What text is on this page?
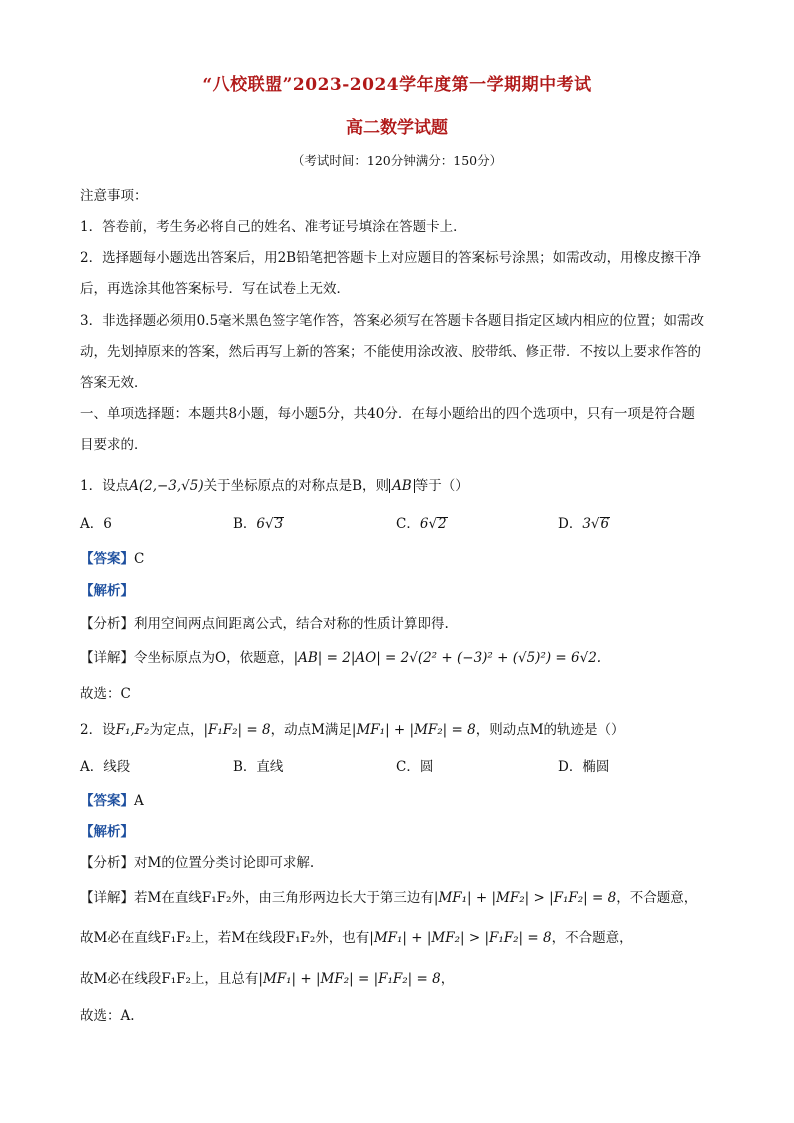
“八校联盟”2023-2024学年度第一学期期中考试
高二数学试题
（考试时间：120分钟满分：150分）
注意事项：
1．答卷前，考生务必将自己的姓名、准考证号填涂在答题卡上．
2．选择题每小题选出答案后，用2B铅笔把答题卡上对应题目的答案标号涂黑；如需改动，用橡皮擦干净
后，再选涂其他答案标号．写在试卷上无效．
3．非选择题必须用0.5毫米黑色签字笔作答，答案必须写在答题卡各题目指定区域内相应的位置；如需改
动，先划掉原来的答案，然后再写上新的答案；不能使用涂改液、胶带纸、修正带．不按以上要求作答的
答案无效．
一、单项选择题：本题共8小题，每小题5分，共40分．在每小题给出的四个选项中，只有一项是符合题
目要求的．
1．设点A(2,−3,√5)关于坐标原点的对称点是B，则 AB 等于（）
A．6	B．6√3	C．6√2	D．3√6
【答案】C
【解析】
【分析】利用空间两点间距离公式，结合对称的性质计算即得.
【详解】令坐标原点为O，依题意，|AB| = 2|AO| = 2√(2² + (−3)² + (√5)²) = 6√2.
故选：C
2．设F₁,F₂为定点，|F₁F₂| = 8，动点M满足|MF₁| + |MF₂| = 8，则动点M的轨迹是（）
A．线段	B．直线	C．圆	D．椭圆
【答案】A
【解析】
【分析】对M的位置分类讨论即可求解.
【详解】若M在直线F₁F₂外，由三角形两边长大于第三边有|MF₁| + |MF₂| > |F₁F₂| = 8，不合题意，
故M必在直线F₁F₂上，若M在线段F₁F₂外，也有|MF₁| + |MF₂| > |F₁F₂| = 8，不合题意，
故M必在线段F₁F₂上，且总有|MF₁| + |MF₂| = |F₁F₂| = 8，
故选：A.
